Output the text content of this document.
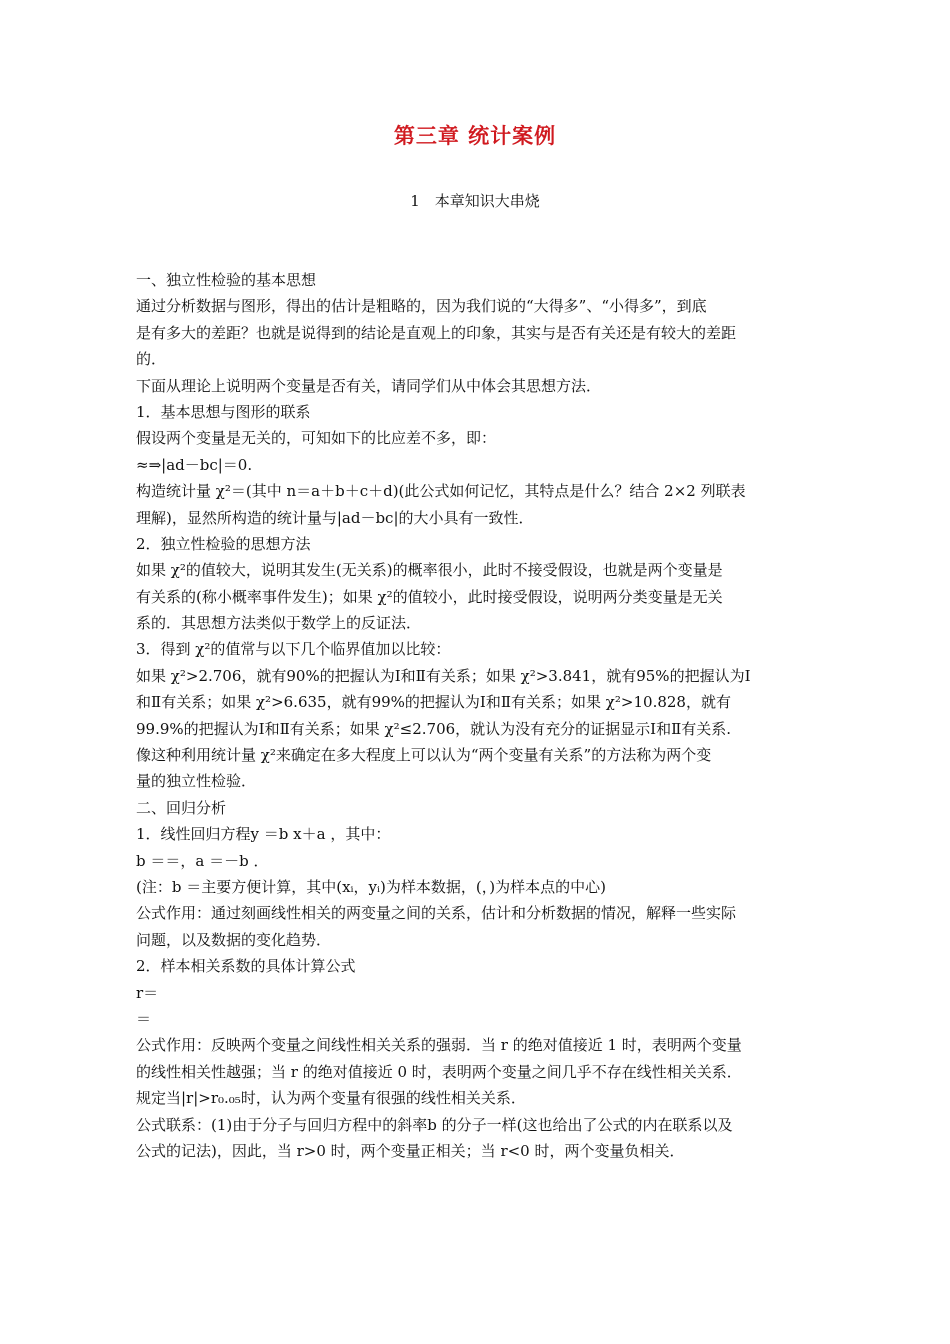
第三章 统计案例
1　本章知识大串烧
一、独立性检验的基本思想
通过分析数据与图形，得出的估计是粗略的，因为我们说的“大得多”、“小得多”，到底
是有多大的差距？也就是说得到的结论是直观上的印象，其实与是否有关还是有较大的差距
的．
下面从理论上说明两个变量是否有关，请同学们从中体会其思想方法．
1．基本思想与图形的联系
假设两个变量是无关的，可知如下的比应差不多，即：
≈⇒|ad－bc|＝0.
构造统计量 χ²＝(其中 n＝a＋b＋c＋d)(此公式如何记忆，其特点是什么？结合 2×2 列联表
理解)，显然所构造的统计量与|ad－bc|的大小具有一致性．
2．独立性检验的思想方法
如果 χ²的值较大，说明其发生(无关系)的概率很小，此时不接受假设，也就是两个变量是
有关系的(称小概率事件发生)；如果 χ²的值较小，此时接受假设，说明两分类变量是无关
系的．其思想方法类似于数学上的反证法．
3．得到 χ²的值常与以下几个临界值加以比较：
如果 χ²>2.706，就有90%的把握认为Ⅰ和Ⅱ有关系；如果 χ²>3.841，就有95%的把握认为Ⅰ
和Ⅱ有关系；如果 χ²>6.635，就有99%的把握认为Ⅰ和Ⅱ有关系；如果 χ²>10.828，就有
99.9%的把握认为Ⅰ和Ⅱ有关系；如果 χ²≤2.706，就认为没有充分的证据显示Ⅰ和Ⅱ有关系.
像这种利用统计量 χ²来确定在多大程度上可以认为“两个变量有关系”的方法称为两个变
量的独立性检验．
二、回归分析
1．线性回归方程y ＝b x＋a ，其中：
b ＝＝，a ＝－b ．
(注：b ＝主要方便计算，其中(xᵢ，yᵢ)为样本数据，(，)为样本点的中心)
公式作用：通过刻画线性相关的两变量之间的关系，估计和分析数据的情况，解释一些实际
问题，以及数据的变化趋势．
2．样本相关系数的具体计算公式
r＝
＝
公式作用：反映两个变量之间线性相关关系的强弱．当 r 的绝对值接近 1 时，表明两个变量
的线性相关性越强；当 r 的绝对值接近 0 时，表明两个变量之间几乎不存在线性相关关系．
规定当|r|>r₀.₀₅时，认为两个变量有很强的线性相关关系．
公式联系：(1)由于分子与回归方程中的斜率b 的分子一样(这也给出了公式的内在联系以及
公式的记法)，因此，当 r>0 时，两个变量正相关；当 r<0 时，两个变量负相关．
